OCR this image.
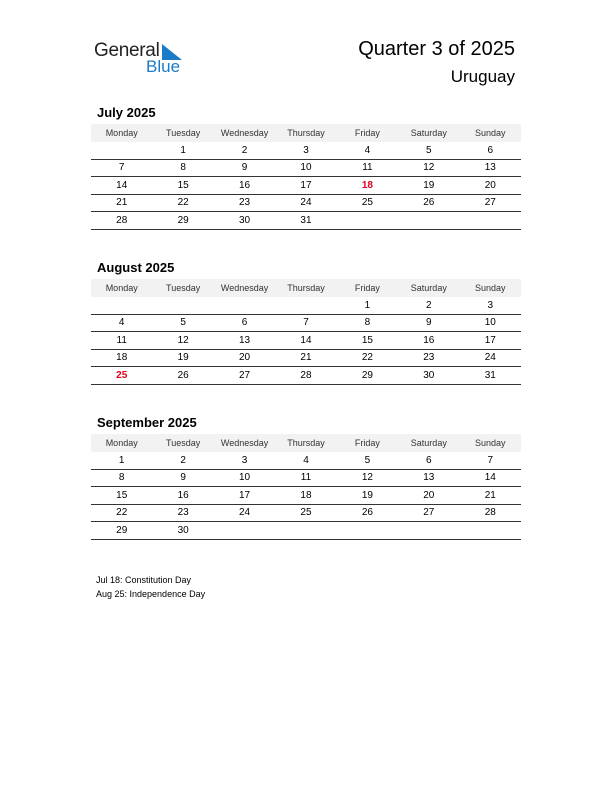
General
Blue
Quarter 3 of 2025
Uruguay
July 2025
Monday	Tuesday	Wednesday	Thursday	Friday	Saturday	Sunday
	1	2	3	4	5	6
7	8	9	10	11	12	13
14	15	16	17	18	19	20
21	22	23	24	25	26	27
28	29	30	31			
August 2025
Monday	Tuesday	Wednesday	Thursday	Friday	Saturday	Sunday
				1	2	3
4	5	6	7	8	9	10
11	12	13	14	15	16	17
18	19	20	21	22	23	24
25	26	27	28	29	30	31
September 2025
Monday	Tuesday	Wednesday	Thursday	Friday	Saturday	Sunday
1	2	3	4	5	6	7
8	9	10	11	12	13	14
15	16	17	18	19	20	21
22	23	24	25	26	27	28
29	30					
Jul 18: Constitution Day
Aug 25: Independence Day
